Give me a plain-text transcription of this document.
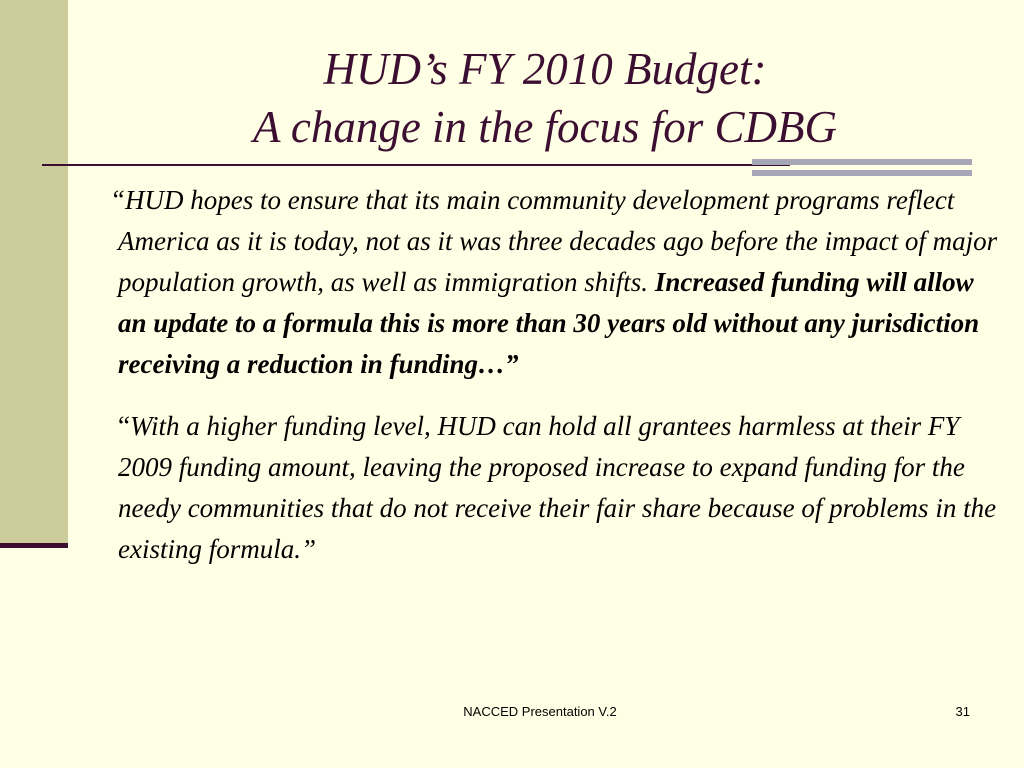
HUD’s FY 2010 Budget:
A change in the focus for CDBG

“HUD hopes to ensure that its main community development programs reflect America as it is today, not as it was three decades ago before the impact of major population growth, as well as immigration shifts. Increased funding will allow an update to a formula this is more than 30 years old without any jurisdiction receiving a reduction in funding…”

“With a higher funding level, HUD can hold all grantees harmless at their FY 2009 funding amount, leaving the proposed increase to expand funding for the needy communities that do not receive their fair share because of problems in the existing formula.”

NACCED Presentation V.2	31
